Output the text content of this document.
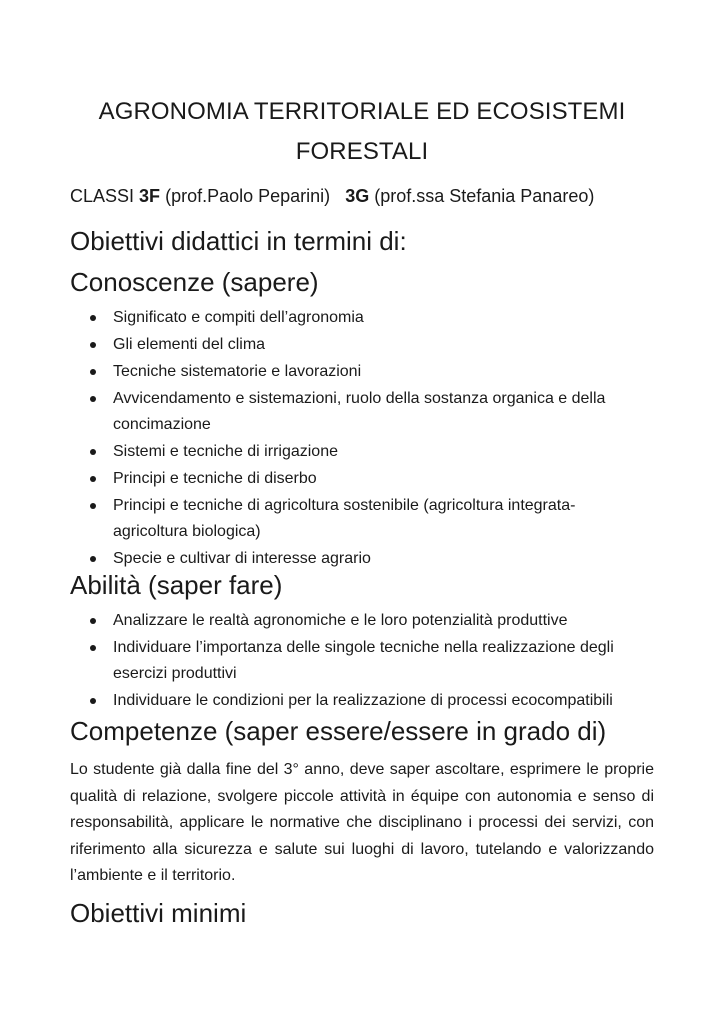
AGRONOMIA TERRITORIALE ED ECOSISTEMI FORESTALI
CLASSI 3F (prof.Paolo Peparini) 3G (prof.ssa Stefania Panareo)
Obiettivi didattici in termini di:
Conoscenze (sapere)
Significato e compiti dell’agronomia
Gli elementi del clima
Tecniche sistematorie e lavorazioni
Avvicendamento e sistemazioni, ruolo della sostanza organica e della concimazione
Sistemi e tecniche di irrigazione
Principi e tecniche di diserbo
Principi e tecniche di agricoltura sostenibile (agricoltura integrata-agricoltura biologica)
Specie e cultivar di interesse agrario
Abilità (saper fare)
Analizzare le realtà agronomiche e le loro potenzialità produttive
Individuare l’importanza delle singole tecniche nella realizzazione degli esercizi produttivi
Individuare le condizioni per la realizzazione di processi ecocompatibili
Competenze (saper essere/essere in grado di)
Lo studente già dalla fine del 3° anno, deve saper ascoltare, esprimere le proprie qualità di relazione, svolgere piccole attività in équipe con autonomia e senso di responsabilità, applicare le normative che disciplinano i processi dei servizi, con riferimento alla sicurezza e salute sui luoghi di lavoro, tutelando e valorizzando l’ambiente e il territorio.
Obiettivi minimi
